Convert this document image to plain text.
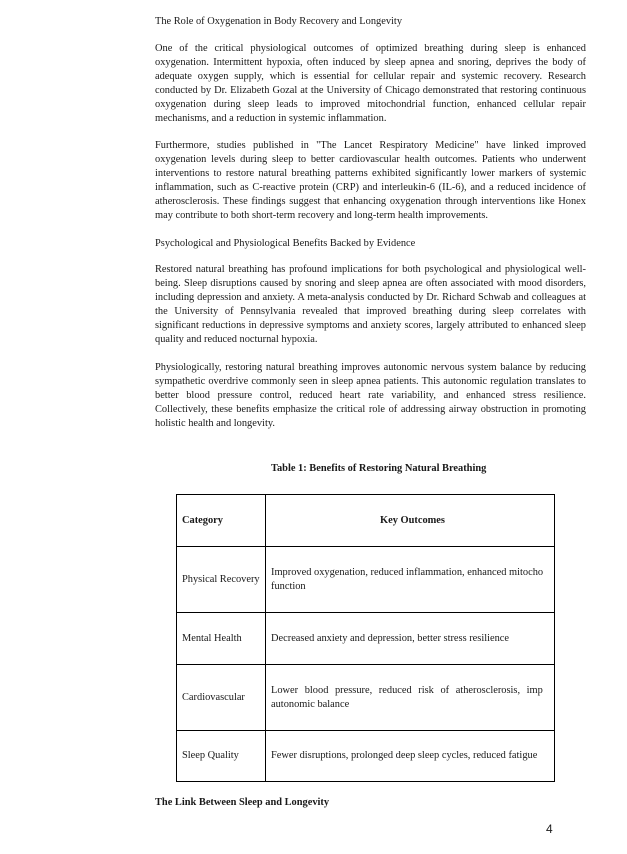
The Role of Oxygenation in Body Recovery and Longevity

One of the critical physiological outcomes of optimized breathing during sleep is enhanced oxygenation. Intermittent hypoxia, often induced by sleep apnea and snoring, deprives the body of adequate oxygen supply, which is essential for cellular repair and systemic recovery. Research conducted by Dr. Elizabeth Gozal at the University of Chicago demonstrated that restoring continuous oxygenation during sleep leads to improved mitochondrial function, enhanced cellular repair mechanisms, and a reduction in systemic inflammation.

Furthermore, studies published in "The Lancet Respiratory Medicine" have linked improved oxygenation levels during sleep to better cardiovascular health outcomes. Patients who underwent interventions to restore natural breathing patterns exhibited significantly lower markers of systemic inflammation, such as C-reactive protein (CRP) and interleukin-6 (IL-6), and a reduced incidence of atherosclerosis. These findings suggest that enhancing oxygenation through interventions like Honex may contribute to both short-term recovery and long-term health improvements.

Psychological and Physiological Benefits Backed by Evidence

Restored natural breathing has profound implications for both psychological and physiological well-being. Sleep disruptions caused by snoring and sleep apnea are often associated with mood disorders, including depression and anxiety. A meta-analysis conducted by Dr. Richard Schwab and colleagues at the University of Pennsylvania revealed that improved breathing during sleep correlates with significant reductions in depressive symptoms and anxiety scores, largely attributed to enhanced sleep quality and reduced nocturnal hypoxia.

Physiologically, restoring natural breathing improves autonomic nervous system balance by reducing sympathetic overdrive commonly seen in sleep apnea patients. This autonomic regulation translates to better blood pressure control, reduced heart rate variability, and enhanced stress resilience. Collectively, these benefits emphasize the critical role of addressing airway obstruction in promoting holistic health and longevity.

Table 1: Benefits of Restoring Natural Breathing
Category	Key Outcomes
Physical Recovery	Improved oxygenation, reduced inflammation, enhanced mitocho
function

Mental Health	Decreased anxiety and depression, better stress resilience

Cardiovascular	Lower blood pressure, reduced risk of atherosclerosis, imp
autonomic balance

Sleep Quality	Fewer disruptions, prolonged deep sleep cycles, reduced fatigue
The Link Between Sleep and Longevity
4
